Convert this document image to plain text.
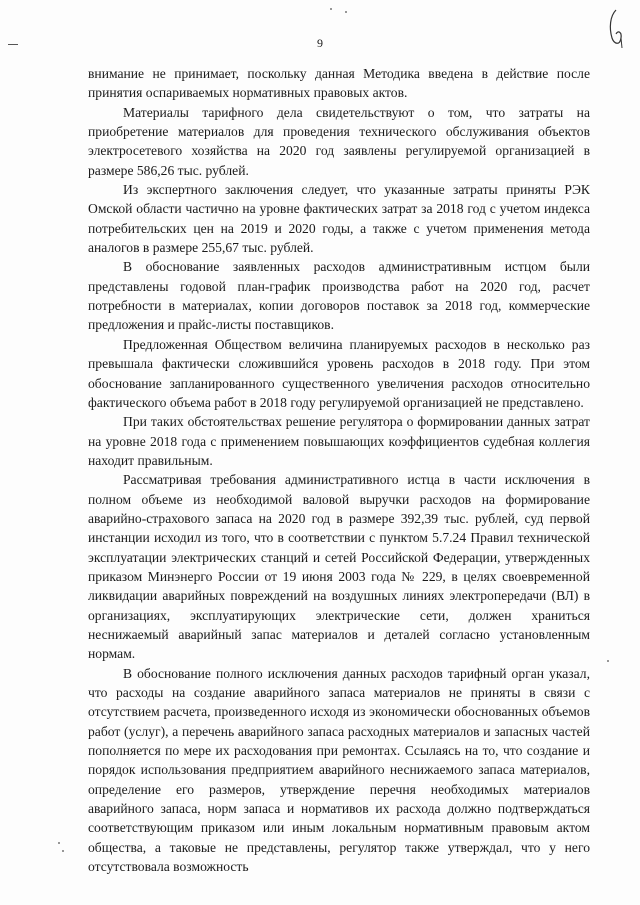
9

внимание не принимает, поскольку данная Методика введена в действие после принятия оспариваемых нормативных правовых актов.

Материалы тарифного дела свидетельствуют о том, что затраты на приобретение материалов для проведения технического обслуживания объектов электросетевого хозяйства на 2020 год заявлены регулируемой организацией в размере 586,26 тыс. рублей.

Из экспертного заключения следует, что указанные затраты приняты РЭК Омской области частично на уровне фактических затрат за 2018 год с учетом индекса потребительских цен на 2019 и 2020 годы, а также с учетом применения метода аналогов в размере 255,67 тыс. рублей.

В обоснование заявленных расходов административным истцом были представлены годовой план-график производства работ на 2020 год, расчет потребности в материалах, копии договоров поставок за 2018 год, коммерческие предложения и прайс-листы поставщиков.

Предложенная Обществом величина планируемых расходов в несколько раз превышала фактически сложившийся уровень расходов в 2018 году. При этом обоснование запланированного существенного увеличения расходов относительно фактического объема работ в 2018 году регулируемой организацией не представлено.

При таких обстоятельствах решение регулятора о формировании данных затрат на уровне 2018 года с применением повышающих коэффициентов судебная коллегия находит правильным.

Рассматривая требования административного истца в части исключения в полном объеме из необходимой валовой выручки расходов на формирование аварийно-страхового запаса на 2020 год в размере 392,39 тыс. рублей, суд первой инстанции исходил из того, что в соответствии с пунктом 5.7.24 Правил технической эксплуатации электрических станций и сетей Российской Федерации, утвержденных приказом Минэнерго России от 19 июня 2003 года № 229, в целях своевременной ликвидации аварийных повреждений на воздушных линиях электропередачи (ВЛ) в организациях, эксплуатирующих электрические сети, должен храниться неснижаемый аварийный запас материалов и деталей согласно установленным нормам.

В обоснование полного исключения данных расходов тарифный орган указал, что расходы на создание аварийного запаса материалов не приняты в связи с отсутствием расчета, произведенного исходя из экономически обоснованных объемов работ (услуг), а перечень аварийного запаса расходных материалов и запасных частей пополняется по мере их расходования при ремонтах. Ссылаясь на то, что создание и порядок использования предприятием аварийного неснижаемого запаса материалов, определение его размеров, утверждение перечня необходимых материалов аварийного запаса, норм запаса и нормативов их расхода должно подтверждаться соответствующим приказом или иным локальным нормативным правовым актом общества, а таковые не представлены, регулятор также утверждал, что у него отсутствовала возможность
